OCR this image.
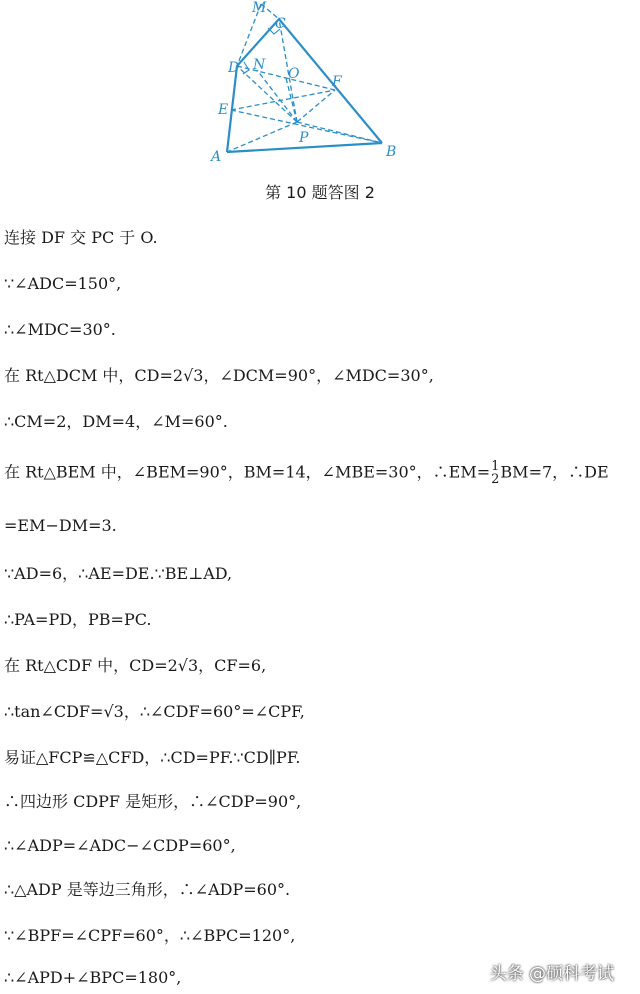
M
C
D N
O F
E
P
A	B
第 10 题答图 2
连接 DF 交 PC 于 O.
∵∠ADC=150°,
∴∠MDC=30°.
在 Rt△DCM 中，CD=2√3，∠DCM=90°，∠MDC=30°,
∴CM=2，DM=4，∠M=60°.
在 Rt△BEM 中，∠BEM=90°，BM=14，∠MBE=30°，∴EM= 1
2 BM=7，∴DE
=EM−DM=3.
∵AD=6，∴AE=DE.∵BE⊥AD,
∴PA=PD，PB=PC.
在 Rt△CDF 中，CD=2√3，CF=6,
∴tan∠CDF=√3，∴∠CDF=60°=∠CPF,
易证△FCP≌△CFD，∴CD=PF.∵CD∥PF.
∴四边形 CDPF 是矩形，∴∠CDP=90°,
∴∠ADP=∠ADC−∠CDP=60°,
∴△ADP 是等边三角形，∴∠ADP=60°.
∵∠BPF=∠CPF=60°，∴∠BPC=120°,
∴∠APD+∠BPC=180°,	头条 @硕科考试
